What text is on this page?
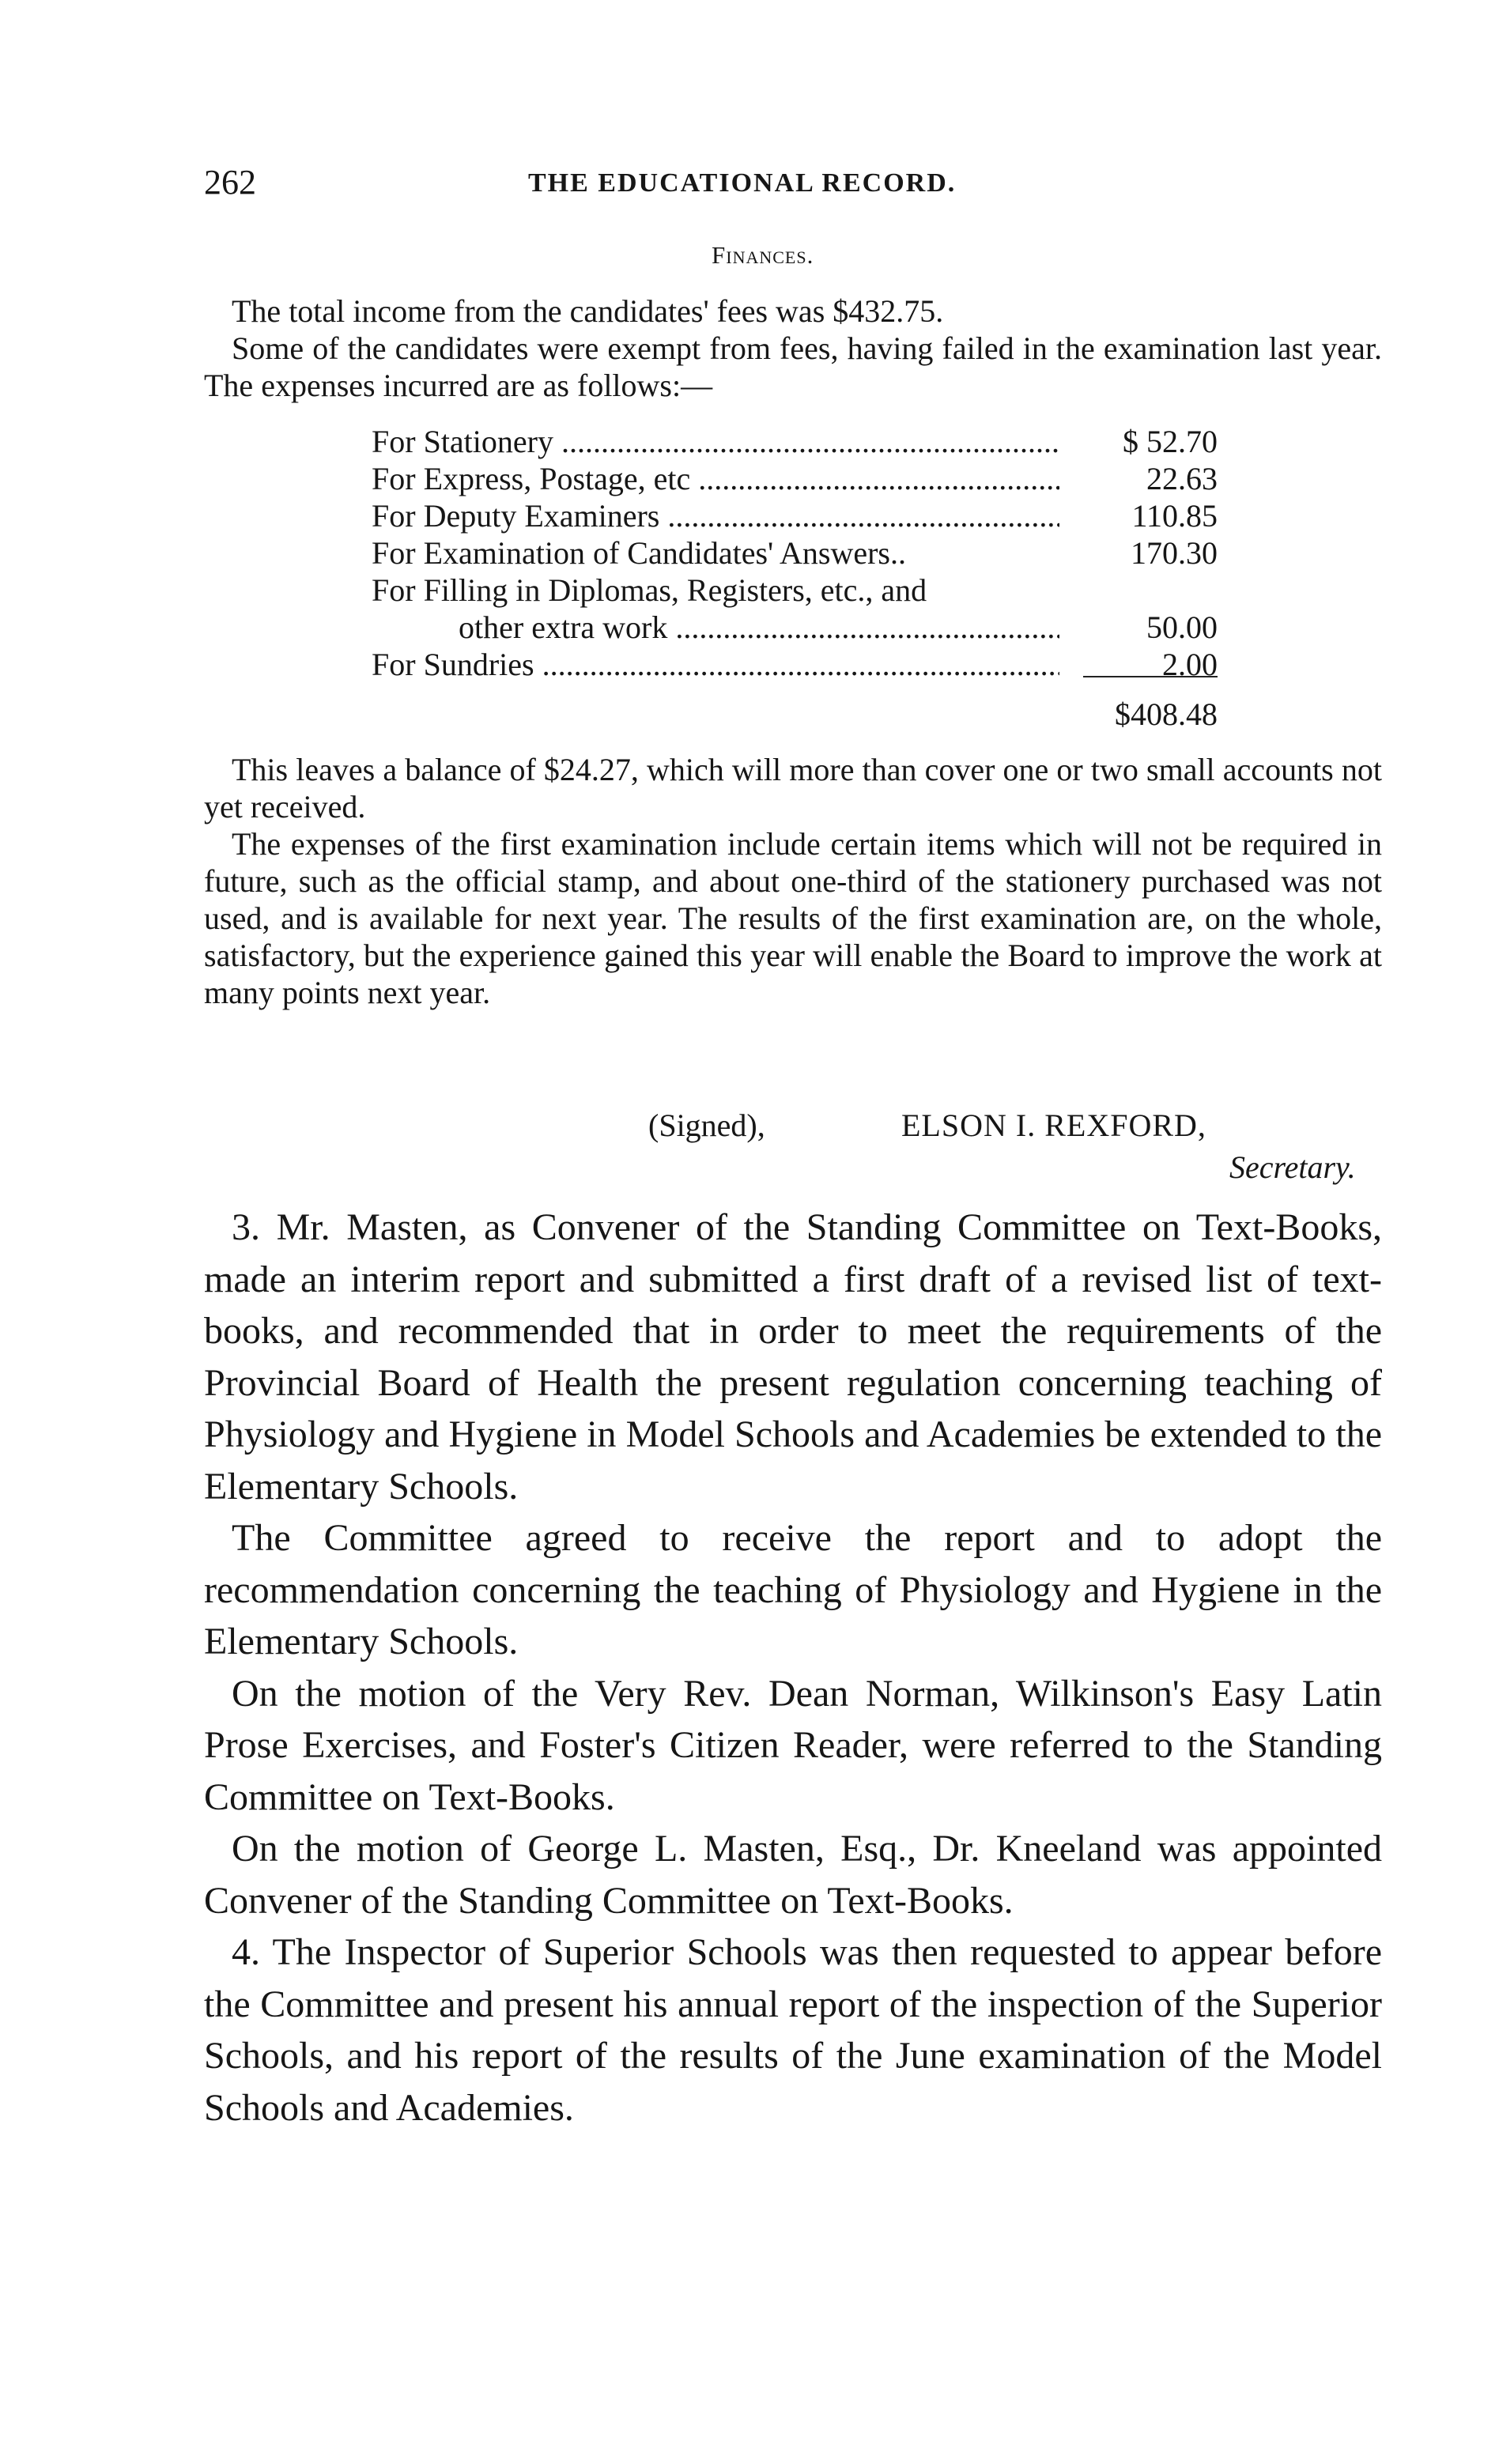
262	THE EDUCATIONAL RECORD.
Finances.

The total income from the candidates' fees was $432.75.

Some of the candidates were exempt from fees, having failed in the examination last year. The expenses incurred are as follows:—

For Stationery .....	$ 52.70
For Express, Postage, etc .....	22.63
For Deputy Examiners .....	110.85
For Examination of Candidates' Answers..	170.30
For Filling in Diplomas, Registers, etc., and
other extra work .....	50.00
For Sundries .....	2.00
$408.48

This leaves a balance of $24.27, which will more than cover one or two small accounts not yet received.

The expenses of the first examination include certain items which will not be required in future, such as the official stamp, and about one-third of the stationery purchased was not used, and is available for next year. The results of the first examination are, on the whole, satisfactory, but the experience gained this year will enable the Board to improve the work at many points next year.

(Signed),	ELSON I. REXFORD,
Secretary.

3. Mr. Masten, as Convener of the Standing Committee on Text-Books, made an interim report and submitted a first draft of a revised list of text-books, and recommended that in order to meet the requirements of the Provincial Board of Health the present regulation concerning teaching of Physiology and Hygiene in Model Schools and Academies be extended to the Elementary Schools.

The Committee agreed to receive the report and to adopt the recommendation concerning the teaching of Physiology and Hygiene in the Elementary Schools.

On the motion of the Very Rev. Dean Norman, Wilkinson's Easy Latin Prose Exercises, and Foster's Citizen Reader, were referred to the Standing Committee on Text-Books.

On the motion of George L. Masten, Esq., Dr. Kneeland was appointed Convener of the Standing Committee on Text-Books.

4. The Inspector of Superior Schools was then requested to appear before the Committee and present his annual report of the inspection of the Superior Schools, and his report of the results of the June examination of the Model Schools and Academies.
